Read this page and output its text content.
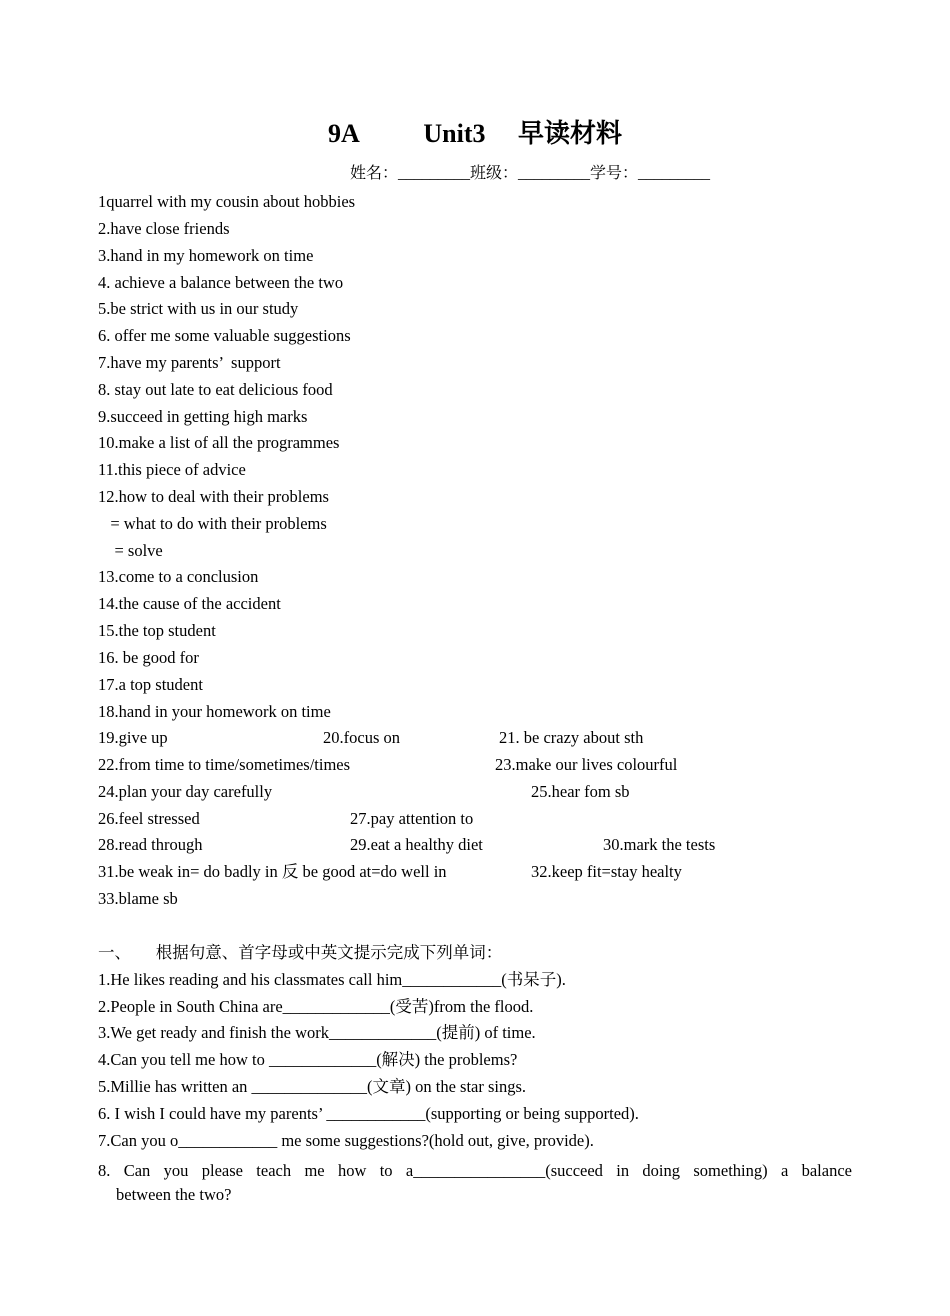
9A          Unit3     早读材料
姓名：_________班级：_________学号：_________
1quarrel with my cousin about hobbies
2.have close friends
3.hand in my homework on time
4. achieve a balance between the two
5.be strict with us in our study
6. offer me some valuable suggestions
7.have my parents’  support
8. stay out late to eat delicious food
9.succeed in getting high marks
10.make a list of all the programmes
11.this piece of advice
12.how to deal with their problems
= what to do with their problems
= solve
13.come to a conclusion
14.the cause of the accident
15.the top student
16. be good for
17.a top student
18.hand in your homework on time
19.give up	20.focus on	21. be crazy about sth
22.from time to time/sometimes/times	23.make our lives colourful
24.plan your day carefully	25.hear fom sb
26.feel stressed	27.pay attention to
28.read through	29.eat a healthy diet	30.mark the tests
31.be weak in= do badly in 反 be good at=do well in	32.keep fit=stay healty
33.blame sb
一、      根据句意、首字母或中英文提示完成下列单词：
1.He likes reading and his classmates call him____________(书呆子).
2.People in South China are_____________(受苦)from the flood.
3.We get ready and finish the work_____________(提前) of time.
4.Can you tell me how to _____________(解决) the problems?
5.Millie has written an ______________(文章) on the star sings.
6. I wish I could have my parents’ ____________(supporting or being supported).
7.Can you o____________ me some suggestions?(hold out, give, provide).
8. Can you please teach me how to a________________(succeed in doing something) a balance
between the two?
